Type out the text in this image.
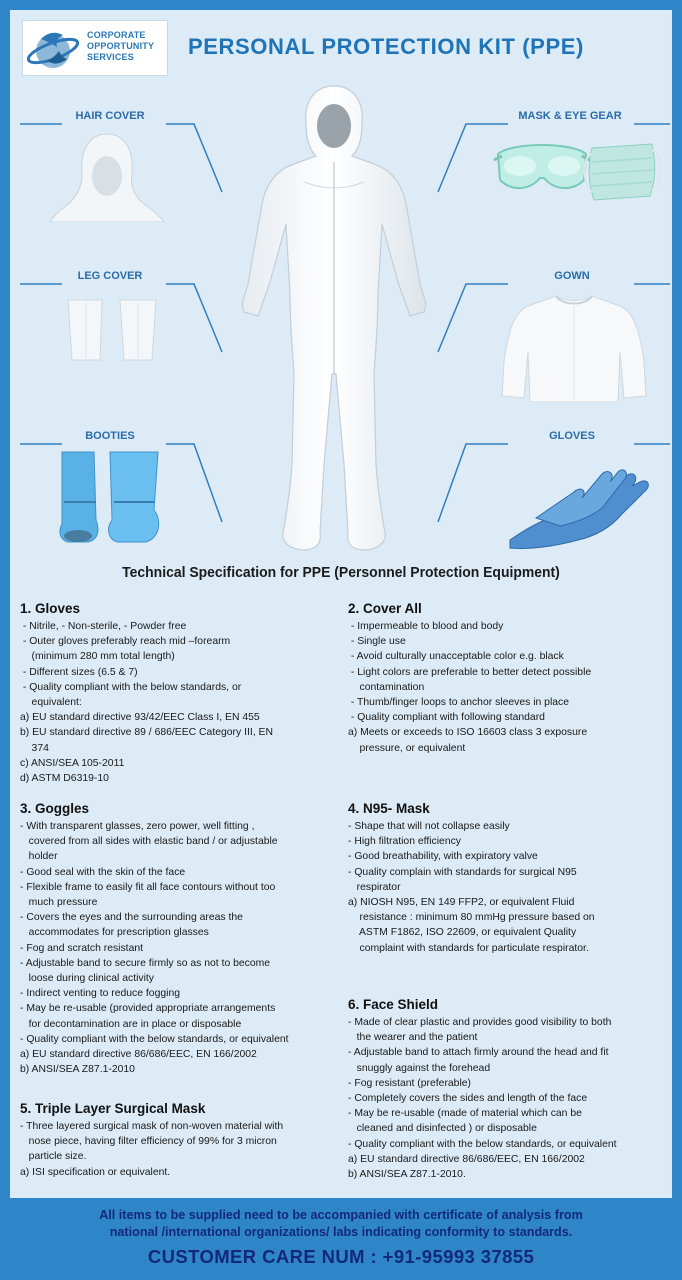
CORPORATE
OPPORTUNITY
SERVICES	PERSONAL PROTECTION KIT (PPE)
HAIR COVER	MASK & EYE GEAR
LEG COVER	GOWN
BOOTIES	GLOVES
Technical Specification for PPE (Personnel Protection Equipment)
1. Gloves
- Nitrile, - Non-sterile, - Powder free
- Outer gloves preferably reach mid –forearm
(minimum 280 mm total length)
- Different sizes (6.5 & 7)
- Quality compliant with the below standards, or
equivalent:
a) EU standard directive 93/42/EEC Class I, EN 455
b) EU standard directive 89 / 686/EEC Category III, EN
374
c) ANSI/SEA 105-2011
d) ASTM D6319-10
2. Cover All
- Impermeable to blood and body
- Single use
- Avoid culturally unacceptable color e.g. black
- Light colors are preferable to better detect possible
contamination
- Thumb/finger loops to anchor sleeves in place
- Quality compliant with following standard
a) Meets or exceeds to ISO 16603 class 3 exposure
pressure, or equivalent
3. Goggles
- With transparent glasses, zero power, well fitting ,
covered from all sides with elastic band / or adjustable
holder
- Good seal with the skin of the face
- Flexible frame to easily fit all face contours without too
much pressure
- Covers the eyes and the surrounding areas the
accommodates for prescription glasses
- Fog and scratch resistant
- Adjustable band to secure firmly so as not to become
loose during clinical activity
- Indirect venting to reduce fogging
- May be re-usable (provided appropriate arrangements
for decontamination are in place or disposable
- Quality compliant with the below standards, or equivalent
a) EU standard directive 86/686/EEC, EN 166/2002
b) ANSI/SEA Z87.1-2010
4. N95- Mask
- Shape that will not collapse easily
- High filtration efficiency
- Good breathability, with expiratory valve
- Quality complain with standards for surgical N95
respirator
a) NIOSH N95, EN 149 FFP2, or equivalent Fluid
resistance : minimum 80 mmHg pressure based on
ASTM F1862, ISO 22609, or equivalent Quality
complaint with standards for particulate respirator.
5. Triple Layer Surgical Mask
- Three layered surgical mask of non-woven material with
nose piece, having filter efficiency of 99% for 3 micron
particle size.
a) ISI specification or equivalent.
6. Face Shield
- Made of clear plastic and provides good visibility to both
the wearer and the patient
- Adjustable band to attach firmly around the head and fit
snuggly against the forehead
- Fog resistant (preferable)
- Completely covers the sides and length of the face
- May be re-usable (made of material which can be
cleaned and disinfected ) or disposable
- Quality compliant with the below standards, or equivalent
a) EU standard directive 86/686/EEC, EN 166/2002
b) ANSI/SEA Z87.1-2010.
All items to be supplied need to be accompanied with certificate of analysis from
national /international organizations/ labs indicating conformity to standards.
CUSTOMER CARE NUM : +91-95993 37855
